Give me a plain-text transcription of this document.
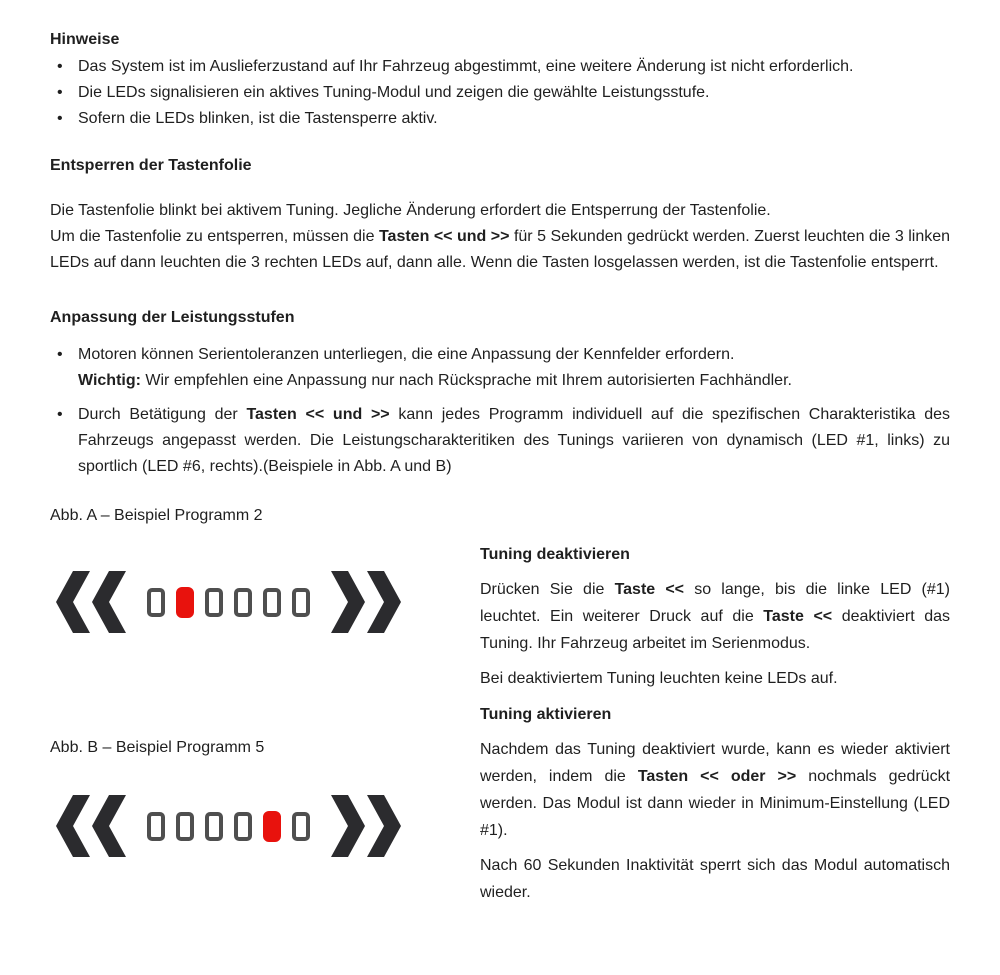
Hinweise
• Das System ist im Auslieferzustand auf Ihr Fahrzeug abgestimmt, eine weitere Änderung ist nicht erforderlich.
• Die LEDs signalisieren ein aktives Tuning-Modul und zeigen die gewählte Leistungsstufe.
• Sofern die LEDs blinken, ist die Tastensperre aktiv.
Entsperren der Tastenfolie

Die Tastenfolie blinkt bei aktivem Tuning. Jegliche Änderung erfordert die Entsperrung der Tastenfolie.
Um die Tastenfolie zu entsperren, müssen die Tasten << und >> für 5 Sekunden gedrückt werden. Zuerst leuchten die 3 linken LEDs auf dann leuchten die 3 rechten LEDs auf, dann alle. Wenn die Tasten losgelassen werden, ist die Tastenfolie entsperrt.

Anpassung der Leistungsstufen
• Motoren können Serientoleranzen unterliegen, die eine Anpassung der Kennfelder erfordern.
Wichtig: Wir empfehlen eine Anpassung nur nach Rücksprache mit Ihrem autorisierten Fachhändler.
• Durch Betätigung der Tasten << und >> kann jedes Programm individuell auf die spezifischen Charakteristika des Fahrzeugs angepasst werden. Die Leistungscharakteritiken des Tunings variieren von dynamisch (LED #1, links) zu sportlich (LED #6, rechts).(Beispiele in Abb. A und B)
Abb. A – Beispiel Programm 2
Abb. B – Beispiel Programm 5
Tuning deaktivieren

Drücken Sie die Taste << so lange, bis die linke LED (#1) leuchtet. Ein weiterer Druck auf die Taste << deaktiviert das Tuning. Ihr Fahrzeug arbeitet im Serienmodus.

Bei deaktiviertem Tuning leuchten keine LEDs auf.

Tuning aktivieren

Nachdem das Tuning deaktiviert wurde, kann es wieder aktiviert werden, indem die Tasten << oder >> nochmals gedrückt werden. Das Modul ist dann wieder in Minimum-Einstellung (LED #1).

Nach 60 Sekunden Inaktivität sperrt sich das Modul automatisch wieder.
